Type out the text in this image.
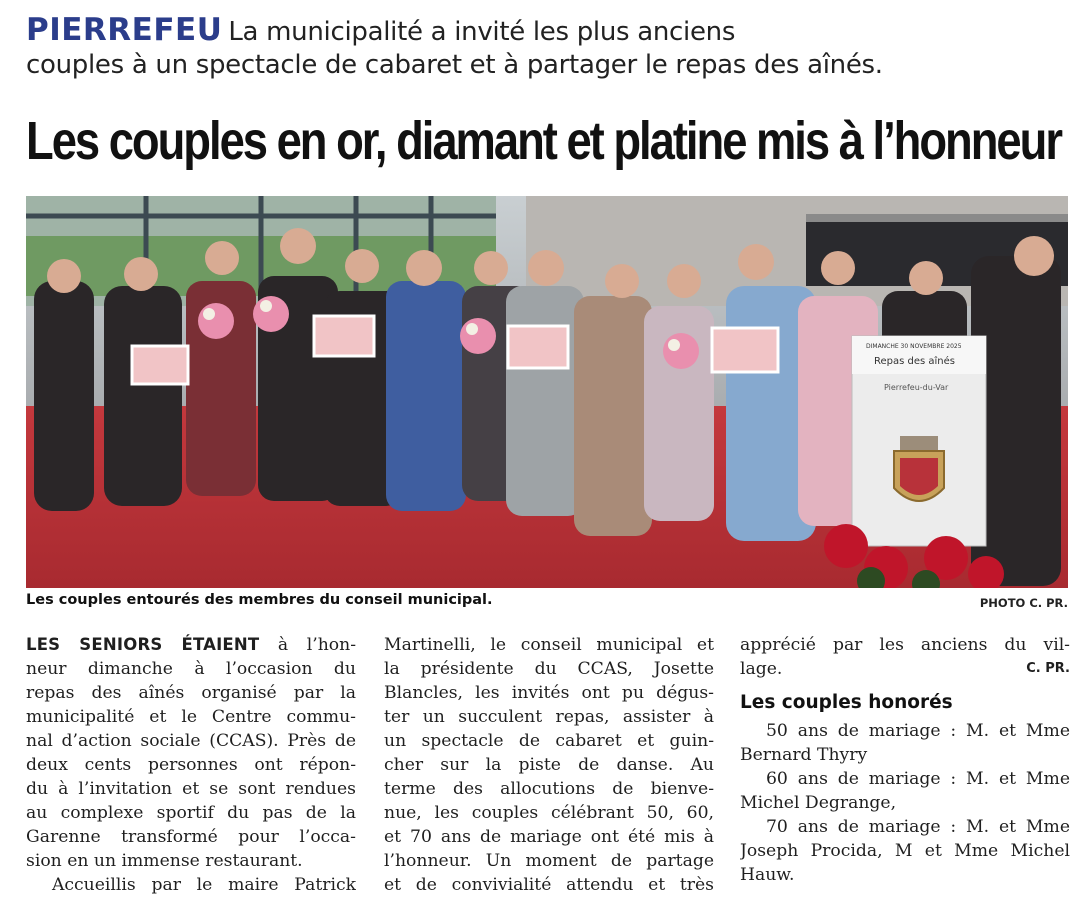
PIERREFEU La municipalité a invité les plus anciens
couples à un spectacle de cabaret et à partager le repas des aînés.
Les couples en or, diamant et platine mis à l’honneur
DIMANCHE 30 NOVEMBRE 2025
Repas des aînés
Pierrefeu-du-Var
Les couples entourés des membres du conseil municipal.	PHOTO C. PR.
LES SENIORS ÉTAIENT à l’hon-
neur dimanche à l’occasion du
repas des aînés organisé par la
municipalité et le Centre commu-
nal d’action sociale (CCAS). Près de
deux cents personnes ont répon-
du à l’invitation et se sont rendues
au complexe sportif du pas de la
Garenne transformé pour l’occa-
sion en un immense restaurant.
Accueillis par le maire Patrick
Martinelli, le conseil municipal et
la présidente du CCAS, Josette
Blancles, les invités ont pu dégus-
ter un succulent repas, assister à
un spectacle de cabaret et guin-
cher sur la piste de danse. Au
terme des allocutions de bienve-
nue, les couples célébrant 50, 60,
et 70 ans de mariage ont été mis à
l’honneur. Un moment de partage
et de convivialité attendu et très
apprécié par les anciens du vil-
lage.	C. PR.
Les couples honorés
50 ans de mariage : M. et Mme
Bernard Thyry
60 ans de mariage : M. et Mme
Michel Degrange,
70 ans de mariage : M. et Mme
Joseph Procida, M et Mme Michel
Hauw.
